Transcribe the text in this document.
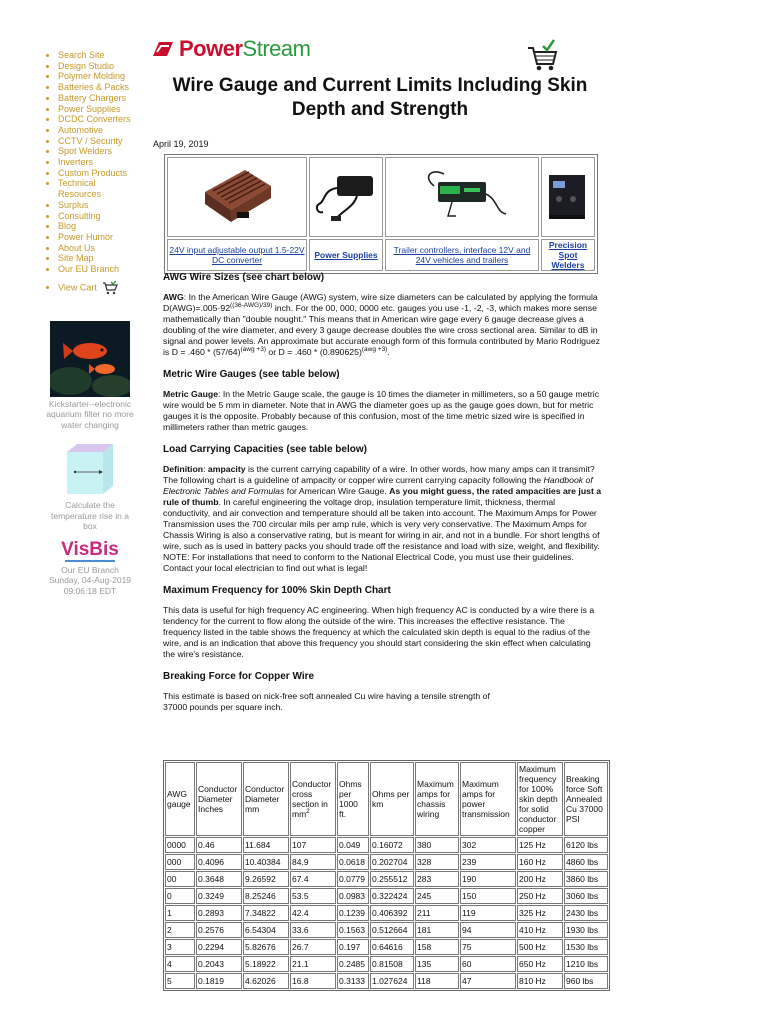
• Search Site
• Design Studio
• Polymer Molding
• Batteries & Packs
• Battery Chargers
• Power Supplies
• DCDC Converters
• Automotive
• CCTV / Security
• Spot Welders
• Inverters
• Custom Products
• Technical Resources
• Surplus
• Consulting
• Blog
• Power Humor
• About Us
• Site Map
• Our EU Branch
• View Cart
Kickstarter--electronic aquarium filter no more water changing
Calculate the temperature rise in a box
VisBis
Our EU Branch
Sunday, 04-Aug-2019 09:06:18 EDT
PowerStream
Wire Gauge and Current Limits Including Skin Depth and Strength
April 19, 2019

24V input adjustable output 1.5-22V DC converter	Power Supplies	Trailer controllers, interface 12V and 24V vehicles and trailers	Precision Spot Welders
AWG Wire Sizes (see chart below)

AWG: In the American Wire Gauge (AWG) system, wire size diameters can be calculated by applying the formula $D(AWG)=.005\cdot 92^{((36-AWG)/39)}$ inch. For the 00, 000, 0000 etc. gauges you use -1, -2, -3, which makes more sense mathematically than "double nought." This means that in American wire gage every 6 gauge decrease gives a doubling of the wire diameter, and every 3 gauge decrease doubles the wire cross sectional area. Similar to dB in signal and power levels. An approximate but accurate enough form of this formula contributed by Mario Rodriguez is $D = .460 * (57/64)^{(awg +3)}$ or $D = .460 * (0.890625)^{(awg +3)}$.

Metric Wire Gauges (see table below)

Metric Gauge: In the Metric Gauge scale, the gauge is 10 times the diameter in millimeters, so a 50 gauge metric wire would be 5 mm in diameter. Note that in AWG the diameter goes up as the gauge goes down, but for metric gauges it is the opposite. Probably because of this confusion, most of the time metric sized wire is specified in millimeters rather than metric gauges.

Load Carrying Capacities (see table below)

Definition: ampacity is the current carrying capability of a wire. In other words, how many amps can it transmit? The following chart is a guideline of ampacity or copper wire current carrying capacity following the Handbook of Electronic Tables and Formulas for American Wire Gauge. As you might guess, the rated ampacities are just a rule of thumb. In careful engineering the voltage drop, insulation temperature limit, thickness, thermal conductivity, and air convection and temperature should all be taken into account. The Maximum Amps for Power Transmission uses the 700 circular mils per amp rule, which is very very conservative. The Maximum Amps for Chassis Wiring is also a conservative rating, but is meant for wiring in air, and not in a bundle. For short lengths of wire, such as is used in battery packs you should trade off the resistance and load with size, weight, and flexibility. NOTE: For installations that need to conform to the National Electrical Code, you must use their guidelines. Contact your local electrician to find out what is legal!

Maximum Frequency for 100% Skin Depth Chart

This data is useful for high frequency AC engineering. When high frequency AC is conducted by a wire there is a tendency for the current to flow along the outside of the wire. This increases the effective resistance. The frequency listed in the table shows the frequency at which the calculated skin depth is equal to the radius of the wire, and is an indication that above this frequency you should start considering the skin effect when calculating the wire's resistance.

Breaking Force for Copper Wire

This estimate is based on nick-free soft annealed Cu wire having a tensile strength of 37000 pounds per square inch.

AWG gauge	Conductor Diameter Inches	Conductor Diameter mm	Conductor cross section in $mm^2$	Ohms per 1000 ft.	Ohms per km	Maximum amps for chassis wiring	Maximum amps for power transmission	Maximum frequency for 100% skin depth for solid conductor copper	Breaking force Soft Annealed Cu 37000 PSI
0000	0.46	11.684	107	0.049	0.16072	380	302	125 Hz	6120 lbs
000	0.4096	10.40384	84.9	0.0618	0.202704	328	239	160 Hz	4860 lbs
00	0.3648	9.26592	67.4	0.0779	0.255512	283	190	200 Hz	3860 lbs
0	0.3249	8.25246	53.5	0.0983	0.322424	245	150	250 Hz	3060 lbs
1	0.2893	7.34822	42.4	0.1239	0.406392	211	119	325 Hz	2430 lbs
2	0.2576	6.54304	33.6	0.1563	0.512664	181	94	410 Hz	1930 lbs
3	0.2294	5.82676	26.7	0.197	0.64616	158	75	500 Hz	1530 lbs
4	0.2043	5.18922	21.1	0.2485	0.81508	135	60	650 Hz	1210 lbs
5	0.1819	4.62026	16.8	0.3133	1.027624	118	47	810 Hz	960 lbs
